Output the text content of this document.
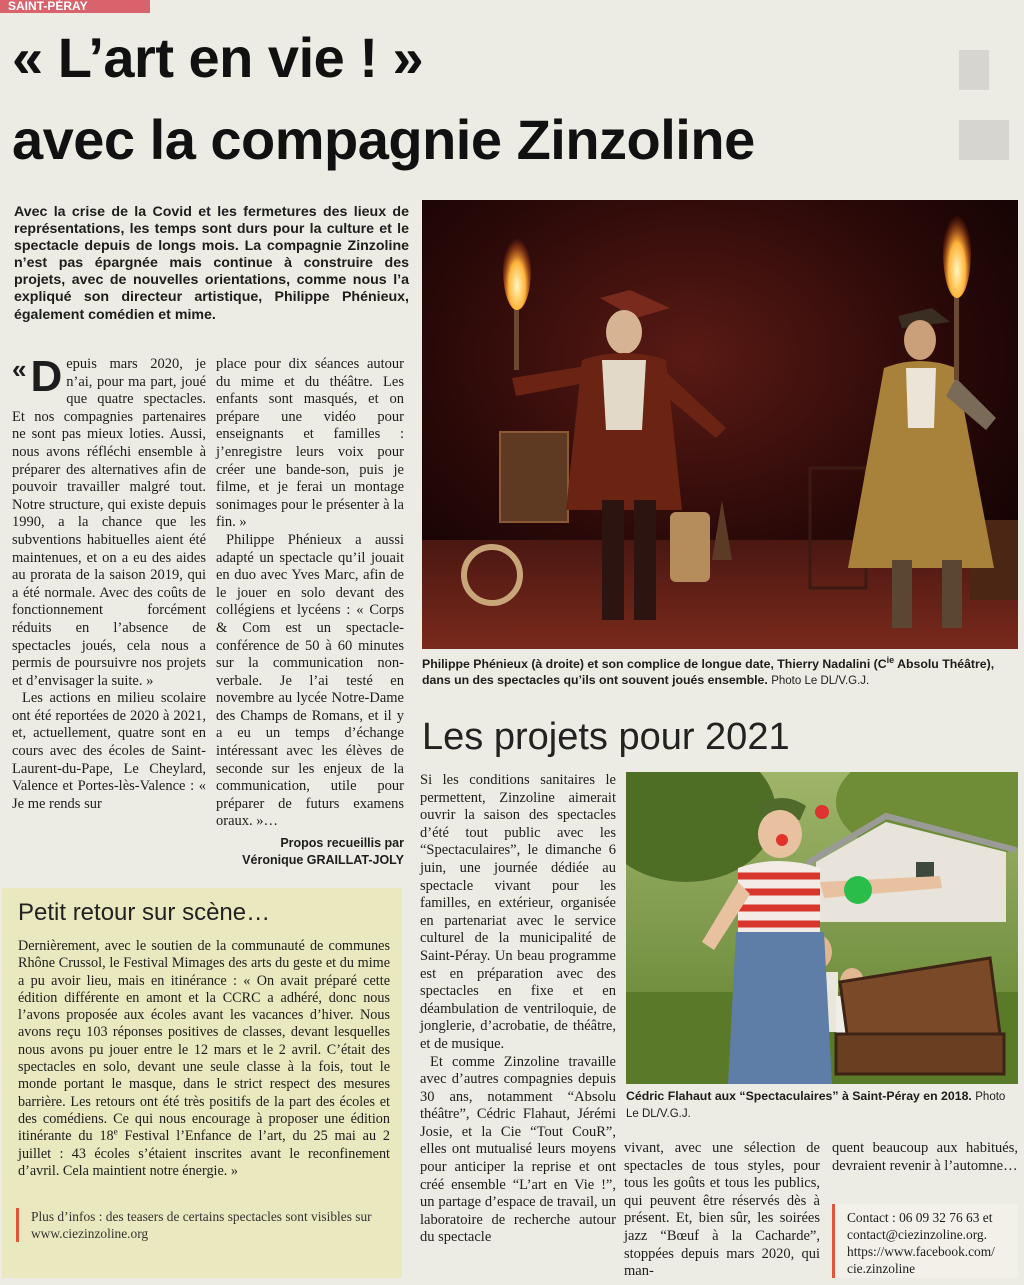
SAINT-PÉRAY
« L’art en vie ! »
avec la compagnie Zinzoline
Avec la crise de la Covid et les fermetures des lieux de représentations, les temps sont durs pour la culture et le spectacle depuis de longs mois. La compagnie Zinzoline n’est pas épargnée mais continue à construire des projets, avec de nouvelles orientations, comme nous l’a expliqué son directeur artistique, Philippe Phénieux, également comédien et mime.

« D epuis mars 2020, je n’ai, pour ma part, joué que quatre spectacles. Et nos compagnies partenaires ne sont pas mieux loties. Aussi, nous avons réfléchi ensemble à préparer des alternatives afin de pouvoir travailler malgré tout. Notre structure, qui existe depuis 1990, a la chance que les subventions habituelles aient été maintenues, et on a eu des aides au prorata de la saison 2019, qui a été normale. Avec des coûts de fonctionnement forcément réduits en l’absence de spectacles joués, cela nous a permis de poursuivre nos projets et d’envisager la suite. »

Les actions en milieu scolaire ont été reportées de 2020 à 2021, et, actuellement, quatre sont en cours avec des écoles de Saint-Laurent-du-Pape, Le Cheylard, Valence et Portes-lès-Valence : « Je me rends sur

place pour dix séances autour du mime et du théâtre. Les enfants sont masqués, et on prépare une vidéo pour enseignants et familles : j’enregistre leurs voix pour créer une bande-son, puis je filme, et je ferai un montage sonimages pour le présenter à la fin. »

Philippe Phénieux a aussi adapté un spectacle qu’il jouait en duo avec Yves Marc, afin de le jouer en solo devant des collégiens et lycéens : « Corps & Com est un spectacle-conférence de 50 à 60 minutes sur la communication non-verbale. Je l’ai testé en novembre au lycée Notre-Dame des Champs de Romans, et il y a eu un temps d’échange intéressant avec les élèves de seconde sur les enjeux de la communication, utile pour préparer de futurs examens oraux. »…

Propos recueillis par
Véronique GRAILLAT-JOLY
Philippe Phénieux (à droite) et son complice de longue date, Thierry Nadalini ($C^{ie}$ Absolu Théâtre), dans un des spectacles qu’ils ont souvent joués ensemble. Photo Le DL/V.G.J.
Les projets pour 2021

Si les conditions sanitaires le permettent, Zinzoline aimerait ouvrir la saison des spectacles d’été tout public avec les “Spectaculaires”, le dimanche 6 juin, une journée dédiée au spectacle vivant pour les familles, en extérieur, organisée en partenariat avec le service culturel de la municipalité de Saint-Péray. Un beau programme est en préparation avec des spectacles en fixe et en déambulation de ventriloquie, de jonglerie, d’acrobatie, de théâtre, et de musique.

Et comme Zinzoline travaille avec d’autres compagnies depuis 30 ans, notamment “Absolu théâtre”, Cédric Flahaut, Jérémi Josie, et la Cie “Tout CouR”, elles ont mutualisé leurs moyens pour anticiper la reprise et ont créé ensemble “L’art en Vie !”, un partage d’espace de travail, un laboratoire de recherche autour du spectacle

Cédric Flahaut aux “Spectaculaires” à Saint-Péray en 2018. Photo Le DL/V.G.J.

vivant, avec une sélection de spectacles de tous styles, pour tous les goûts et tous les publics, qui peuvent être réservés dès à présent. Et, bien sûr, les soirées jazz “Bœuf à la Cacharde”, stoppées depuis mars 2020, qui man-

quent beaucoup aux habitués, devraient revenir à l’automne…

Contact : 06 09 32 76 63 et
contact@ciezinzoline.org.
https://www.facebook.com/
cie.zinzoline
Petit retour sur scène…

Dernièrement, avec le soutien de la communauté de communes Rhône Crussol, le Festival Mimages des arts du geste et du mime a pu avoir lieu, mais en itinérance : « On avait préparé cette édition différente en amont et la CCRC a adhéré, donc nous l’avons proposée aux écoles avant les vacances d’hiver. Nous avons reçu 103 réponses positives de classes, devant lesquelles nous avons pu jouer entre le 12 mars et le 2 avril. C’était des spectacles en solo, devant une seule classe à la fois, tout le monde portant le masque, dans le strict respect des mesures barrière. Les retours ont été très positifs de la part des écoles et des comédiens. Ce qui nous encourage à proposer une édition itinérante du 18e Festival l’Enfance de l’art, du 25 mai au 2 juillet : 43 écoles s’étaient inscrites avant le reconfinement d’avril. Cela maintient notre énergie. »

Plus d’infos : des teasers de certains spectacles sont visibles sur www.ciezinzoline.org
